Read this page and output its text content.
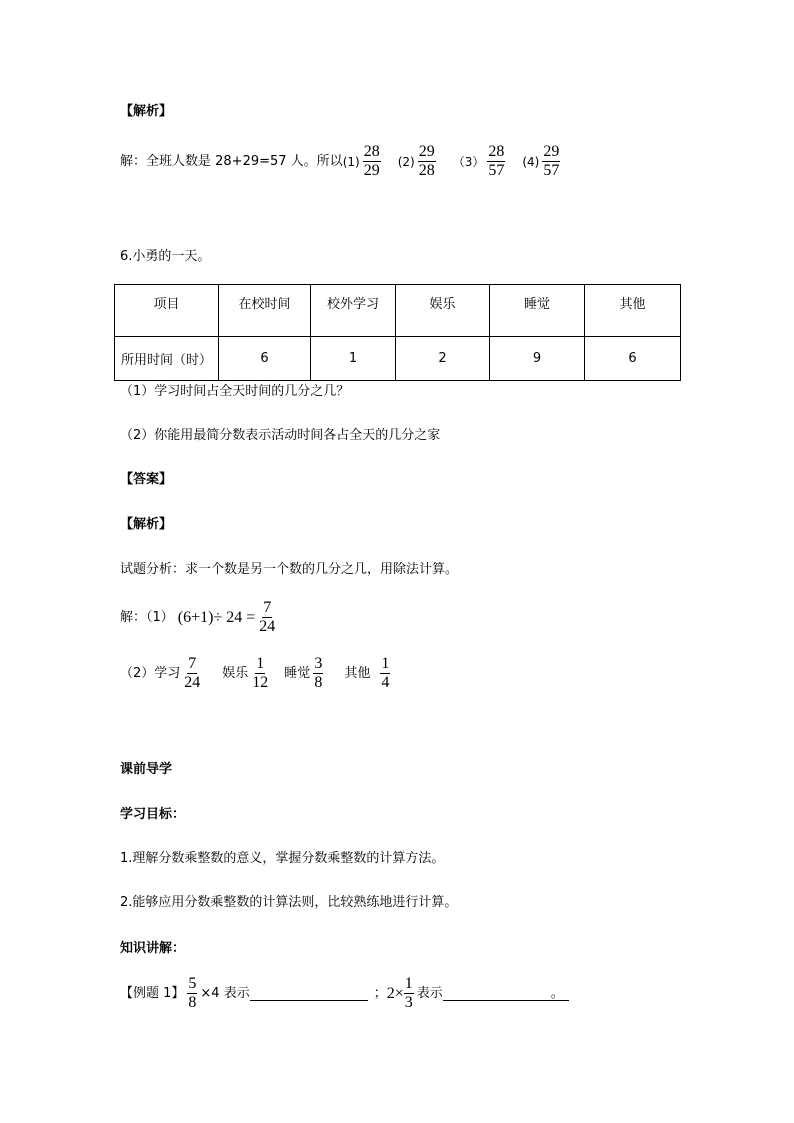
【解析】
解：全班人数是 28+29=57 人。所以 $(1) \frac{28}{29} (2) \frac{29}{28} (3) \frac{28}{57} (4) \frac{29}{57}$
6.小勇的一天。
项目	在校时间	校外学习	娱乐	睡觉	其他
所用时间（时）	6	1	2	9	6
（1）学习时间占全天时间的几分之几？
（2）你能用最简分数表示活动时间各占全天的几分之家
【答案】
【解析】
试题分析：求一个数是另一个数的几分之几，用除法计算。
解：（1） $(6+1)\div 24 = \frac{7}{24}$
（2）学习 $\frac{7}{24}$ 娱乐 $\frac{1}{12}$ 睡觉 $\frac{3}{8}$ 其他 $\frac{1}{4}$
课前导学
学习目标：
1.理解分数乘整数的意义，掌握分数乘整数的计算方法。
2.能够应用分数乘整数的计算法则，比较熟练地进行计算。
知识讲解：
【例题 1】 $\frac{5}{8} \times 4$ 表示	； $2\times \frac{1}{3}$ 表示	。
